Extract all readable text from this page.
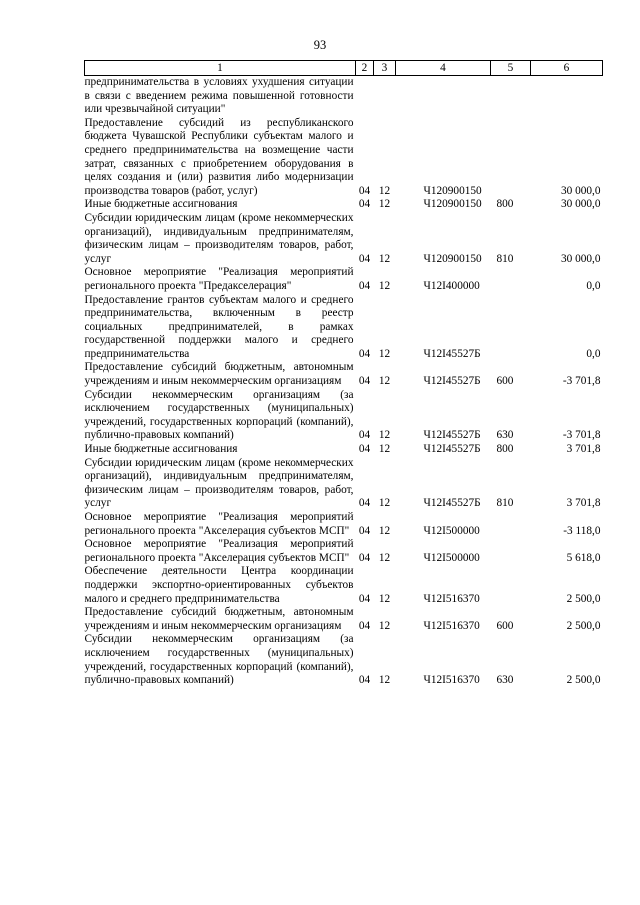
93
1	2	3	4	5	6
предпринимательства в условиях ухудшения ситуации в связи с введением режима повышенной готовности или чрезвычайной ситуации"					
Предоставление субсидий из республиканского бюджета Чувашской Республики субъектам малого и среднего предпринимательства на возмещение части затрат, связанных с приобретением оборудования в целях создания и (или) развития либо модернизации производства товаров (работ, услуг)	04	12	Ч120900150		30 000,0
Иные бюджетные ассигнования	04	12	Ч120900150	800	30 000,0
Субсидии юридическим лицам (кроме некоммерческих организаций), индивидуальным предпринимателям, физическим лицам – производителям товаров, работ, услуг	04	12	Ч120900150	810	30 000,0
Основное мероприятие "Реализация мероприятий регионального проекта "Предакселерация"	04	12	Ч12I400000		0,0
Предоставление грантов субъектам малого и среднего предпринимательства, включенным в реестр социальных предпринимателей, в рамках государственной поддержки малого и среднего предпринимательства	04	12	Ч12I45527Б		0,0
Предоставление субсидий бюджетным, автономным учреждениям и иным некоммерческим организациям	04	12	Ч12I45527Б	600	-3 701,8
Субсидии некоммерческим организациям (за исключением государственных (муниципальных) учреждений, государственных корпораций (компаний), публично-правовых компаний)	04	12	Ч12I45527Б	630	-3 701,8
Иные бюджетные ассигнования	04	12	Ч12I45527Б	800	3 701,8
Субсидии юридическим лицам (кроме некоммерческих организаций), индивидуальным предпринимателям, физическим лицам – производителям товаров, работ, услуг	04	12	Ч12I45527Б	810	3 701,8
Основное мероприятие "Реализация мероприятий регионального проекта "Акселерация субъектов МСП"	04	12	Ч12I500000		-3 118,0
Основное мероприятие "Реализация мероприятий регионального проекта "Акселерация субъектов МСП"	04	12	Ч12I500000		5 618,0
Обеспечение деятельности Центра координации поддержки экспортно-ориентированных субъектов малого и среднего предпринимательства	04	12	Ч12I516370		2 500,0
Предоставление субсидий бюджетным, автономным учреждениям и иным некоммерческим организациям	04	12	Ч12I516370	600	2 500,0
Субсидии некоммерческим организациям (за исключением государственных (муниципальных) учреждений, государственных корпораций (компаний), публично-правовых компаний)	04	12	Ч12I516370	630	2 500,0
